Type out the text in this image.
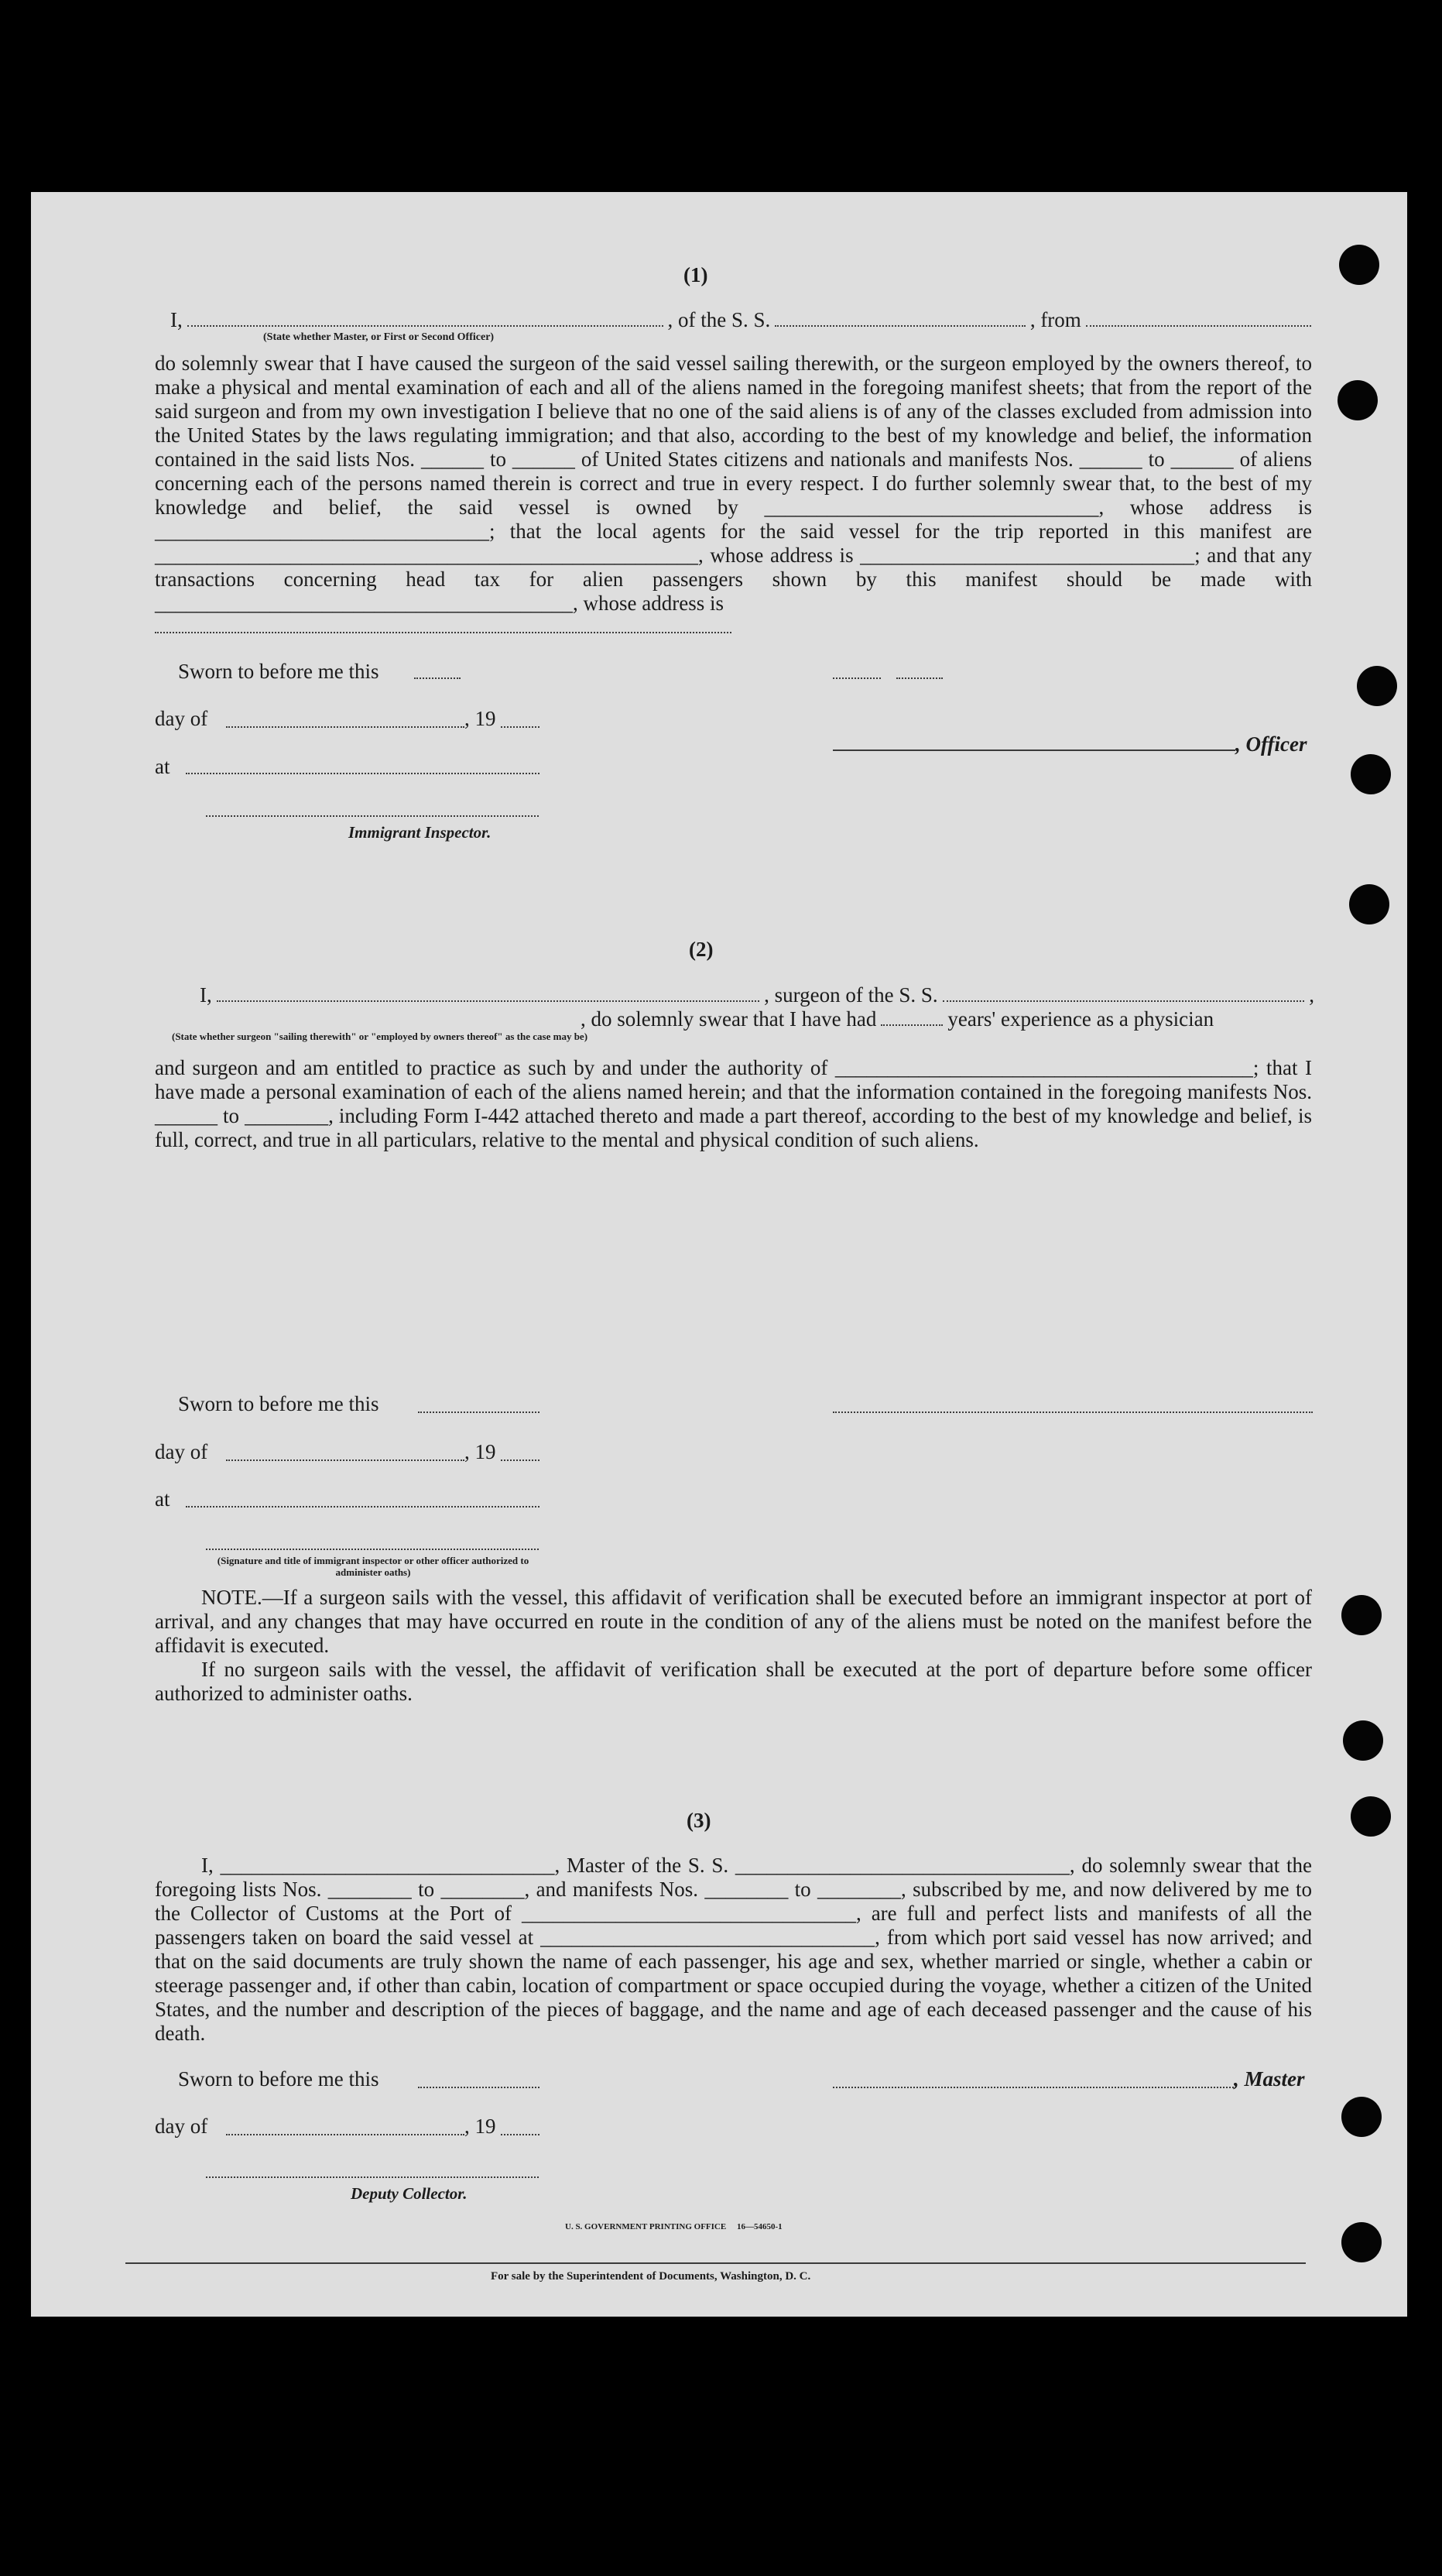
(1)
I,	, of the S. S.	, from
(State whether Master, or First or Second Officer)

do solemnly swear that I have caused the surgeon of the said vessel sailing therewith, or the surgeon employed by the owners thereof, to make a physical and mental examination of each and all of the aliens named in the foregoing manifest sheets; that from the report of the said surgeon and from my own investigation I believe that no one of the said aliens is of any of the classes excluded from admission into the United States by the laws regulating immigration; and that also, according to the best of my knowledge and belief, the information contained in the said lists Nos. ______ to ______ of United States citizens and nationals and manifests Nos. ______ to ______ of aliens concerning each of the persons named therein is correct and true in every respect. I do further solemnly swear that, to the best of my knowledge and belief, the said vessel is owned by ________________________________, whose address is ________________________________; that the local agents for the said vessel for the trip reported in this manifest are ____________________________________________________, whose address is ________________________________; and that any transactions concerning head tax for alien passengers shown by this manifest should be made with ________________________________________, whose address is

Sworn to before me this
day of	, 19
, Officer
at
Immigrant Inspector.
(2)
I,	, surgeon of the S. S.	,
, do solemnly swear that I have had	years' experience as a physician
(State whether surgeon "sailing therewith" or "employed by owners thereof" as the case may be)

and surgeon and am entitled to practice as such by and under the authority of ________________________________________; that I have made a personal examination of each of the aliens named herein; and that the information contained in the foregoing manifests Nos. ______ to ________, including Form I-442 attached thereto and made a part thereof, according to the best of my knowledge and belief, is full, correct, and true in all particulars, relative to the mental and physical condition of such aliens.

Sworn to before me this
day of	, 19
at
(Signature and title of immigrant inspector or other officer authorized to administer oaths)

NOTE.—If a surgeon sails with the vessel, this affidavit of verification shall be executed before an immigrant inspector at port of arrival, and any changes that may have occurred en route in the condition of any of the aliens must be noted on the manifest before the affidavit is executed.

If no surgeon sails with the vessel, the affidavit of verification shall be executed at the port of departure before some officer authorized to administer oaths.

(3)

I, ________________________________, Master of the S. S. ________________________________, do solemnly swear that the foregoing lists Nos. ________ to ________, and manifests Nos. ________ to ________, subscribed by me, and now delivered by me to the Collector of Customs at the Port of ________________________________, are full and perfect lists and manifests of all the passengers taken on board the said vessel at ________________________________, from which port said vessel has now arrived; and that on the said documents are truly shown the name of each passenger, his age and sex, whether married or single, whether a cabin or steerage passenger and, if other than cabin, location of compartment or space occupied during the voyage, whether a citizen of the United States, and the number and description of the pieces of baggage, and the name and age of each deceased passenger and the cause of his death.

Sworn to before me this	, Master
day of	, 19
Deputy Collector.
U. S. GOVERNMENT PRINTING OFFICE     16—54650-1
For sale by the Superintendent of Documents, Washington, D. C.
